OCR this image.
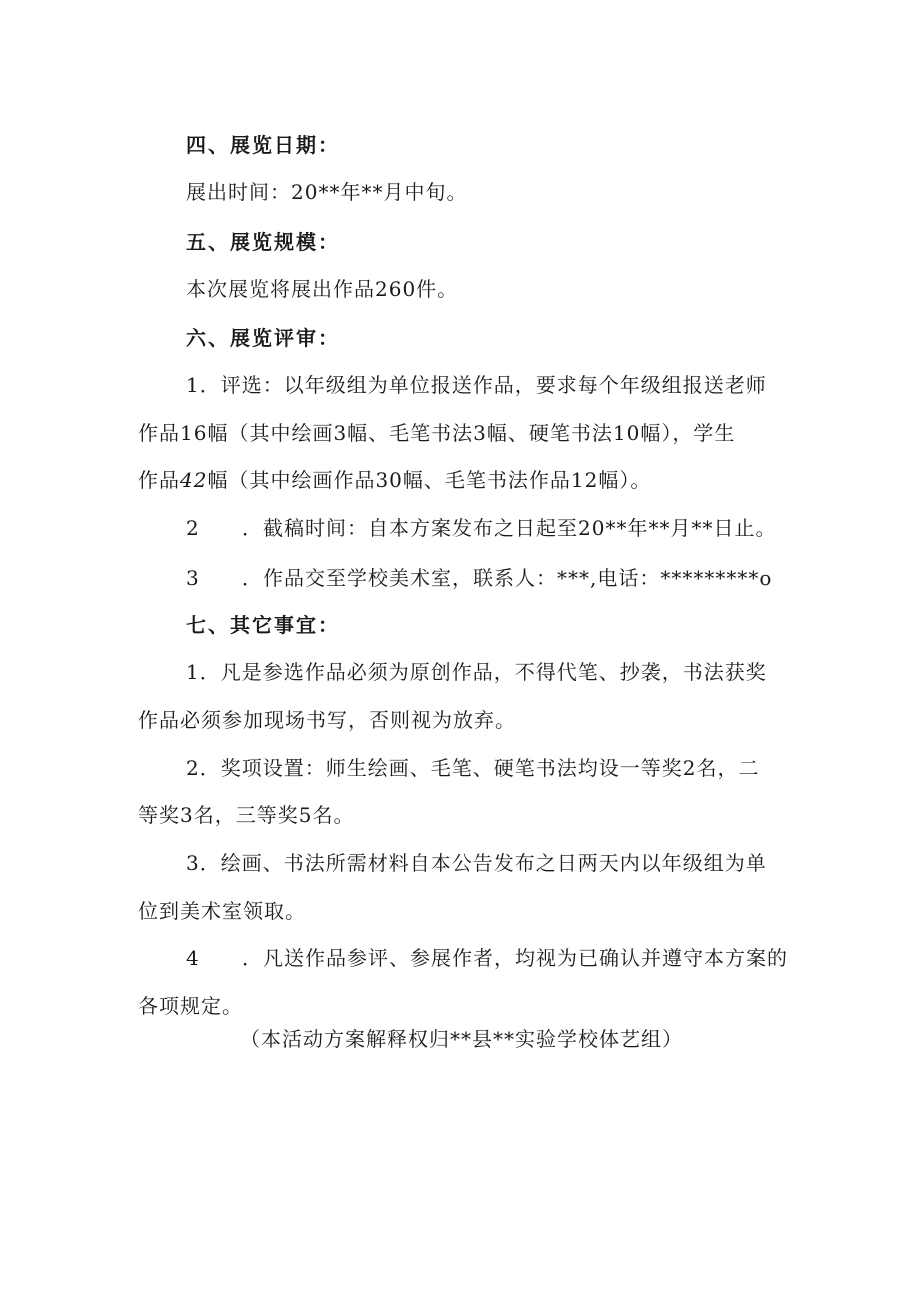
四、展览日期：
展出时间：20**年**月中旬。
五、展览规模：
本次展览将展出作品260件。
六、展览评审：
1．评选：以年级组为单位报送作品，要求每个年级组报送老师
作品16幅（其中绘画3幅、毛笔书法3幅、硬笔书法10幅），学生
作品42幅（其中绘画作品30幅、毛笔书法作品12幅）。
2 ．截稿时间：自本方案发布之日起至20**年**月**日止。
3 ．作品交至学校美术室，联系人：***,电话：*********o
七、其它事宜：
1．凡是参选作品必须为原创作品，不得代笔、抄袭，书法获奖
作品必须参加现场书写，否则视为放弃。
2．奖项设置：师生绘画、毛笔、硬笔书法均设一等奖2名，二
等奖3名，三等奖5名。
3．绘画、书法所需材料自本公告发布之日两天内以年级组为单
位到美术室领取。
4 ．凡送作品参评、参展作者，均视为已确认并遵守本方案的
各项规定。
（本活动方案解释权归**县**实验学校体艺组）
